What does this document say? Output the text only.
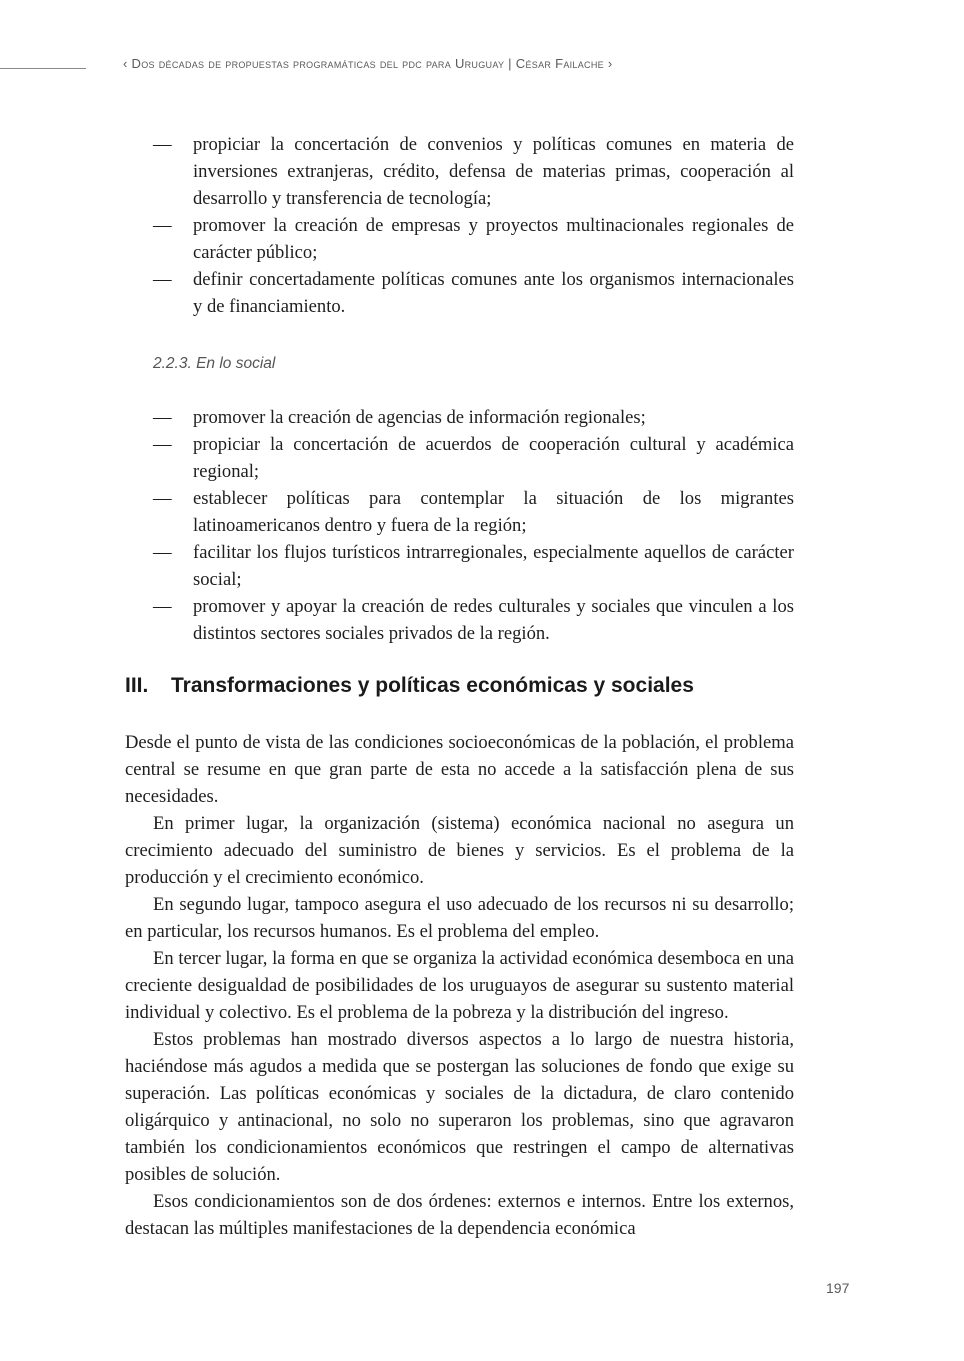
‹ Dos décadas de propuestas programáticas del pdc para Uruguay | César Failache ›
— propiciar la concertación de convenios y políticas comunes en materia de inversiones extranjeras, crédito, defensa de materias primas, cooperación al desarrollo y transferencia de tecnología;
— promover la creación de empresas y proyectos multinacionales regionales de carácter público;
— definir concertadamente políticas comunes ante los organismos internacionales y de financiamiento.
2.2.3. En lo social
— promover la creación de agencias de información regionales;
— propiciar la concertación de acuerdos de cooperación cultural y académica regional;
— establecer políticas para contemplar la situación de los migrantes latinoamericanos dentro y fuera de la región;
— facilitar los flujos turísticos intrarregionales, especialmente aquellos de carácter social;
— promover y apoyar la creación de redes culturales y sociales que vinculen a los distintos sectores sociales privados de la región.
III. Transformaciones y políticas económicas y sociales

Desde el punto de vista de las condiciones socioeconómicas de la población, el problema central se resume en que gran parte de esta no accede a la satisfacción plena de sus necesidades.

En primer lugar, la organización (sistema) económica nacional no asegura un crecimiento adecuado del suministro de bienes y servicios. Es el problema de la producción y el crecimiento económico.

En segundo lugar, tampoco asegura el uso adecuado de los recursos ni su desarrollo; en particular, los recursos humanos. Es el problema del empleo.

En tercer lugar, la forma en que se organiza la actividad económica desemboca en una creciente desigualdad de posibilidades de los uruguayos de asegurar su sustento material individual y colectivo. Es el problema de la pobreza y la distribución del ingreso.

Estos problemas han mostrado diversos aspectos a lo largo de nuestra historia, haciéndose más agudos a medida que se postergan las soluciones de fondo que exige su superación. Las políticas económicas y sociales de la dictadura, de claro contenido oligárquico y antinacional, no solo no superaron los problemas, sino que agravaron también los condicionamientos económicos que restringen el campo de alternativas posibles de solución.

Esos condicionamientos son de dos órdenes: externos e internos. Entre los externos, destacan las múltiples manifestaciones de la dependencia económica

197
